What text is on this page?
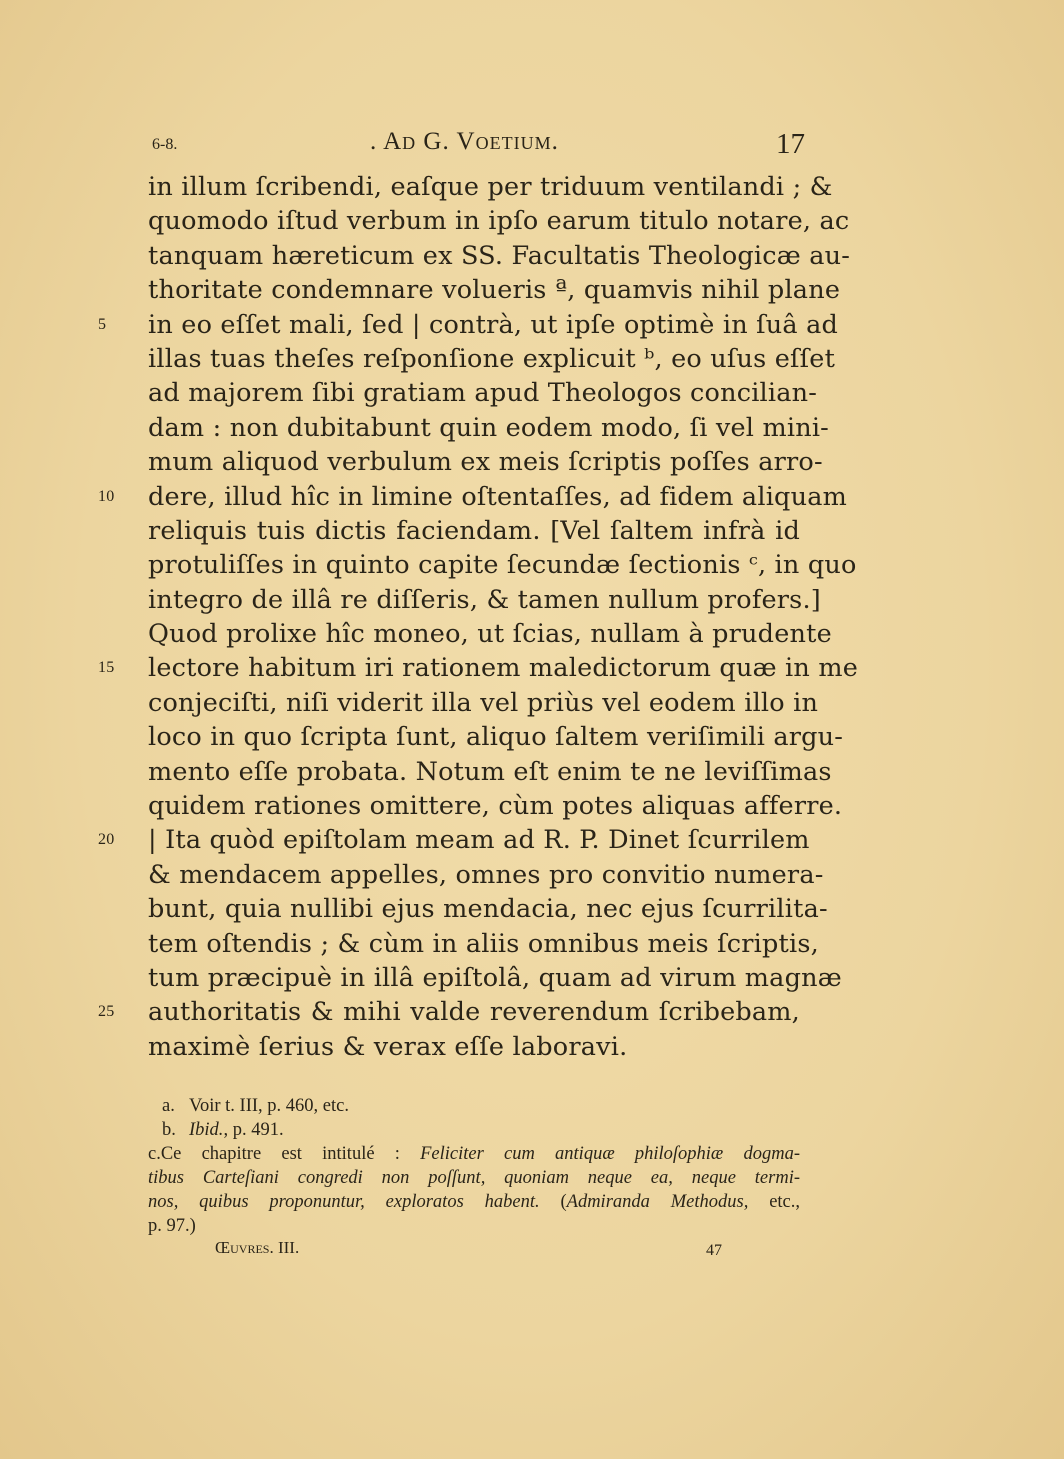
6-8.	. Ad G. Voetium.	17
in illum ſcribendi, eaſque per triduum ventilandi ; &
quomodo iſtud verbum in ipſo earum titulo notare, ac
tanquam hæreticum ex SS. Facultatis Theologicæ au-
thoritate condemnare volueris ª, quamvis nihil plane
5	in eo eſſet mali, ſed | contrà, ut ipſe optimè in ſuâ ad
illas tuas theſes reſponſione explicuit ᵇ, eo uſus eſſet
ad majorem ſibi gratiam apud Theologos concilian-
dam : non dubitabunt quin eodem modo, ſi vel mini-
mum aliquod verbulum ex meis ſcriptis poſſes arro-
10	dere, illud hîc in limine oſtentaſſes, ad fidem aliquam
reliquis tuis dictis faciendam. [Vel ſaltem infrà id
protuliſſes in quinto capite ſecundæ ſectionis ᶜ, in quo
integro de illâ re diſſeris, & tamen nullum profers.]
Quod prolixe hîc moneo, ut ſcias, nullam à prudente
15	lectore habitum iri rationem maledictorum quæ in me
conjeciſti, niſi viderit illa vel priùs vel eodem illo in
loco in quo ſcripta ſunt, aliquo ſaltem veriſimili argu-
mento eſſe probata. Notum eſt enim te ne leviſſimas
quidem rationes omittere, cùm potes aliquas afferre.
20	| Ita quòd epiſtolam meam ad R. P. Dinet ſcurrilem
& mendacem appelles, omnes pro convitio numera-
bunt, quia nullibi ejus mendacia, nec ejus ſcurrilita-
tem oſtendis ; & cùm in aliis omnibus meis ſcriptis,
tum præcipuè in illâ epiſtolâ, quam ad virum magnæ
25	authoritatis & mihi valde reverendum ſcribebam,
maximè ſerius & verax eſſe laboravi.
a. Voir t. III, p. 460, etc.
b. Ibid., p. 491.
c.Ce chapitre est intitulé : Feliciter cum antiquæ philoſophiæ dogma-
tibus Carteſiani congredi non poſſunt, quoniam neque ea, neque termi-
nos, quibus proponuntur, exploratos habent. (Admiranda Methodus, etc.,
p. 97.)
Œuvres. III.	47
